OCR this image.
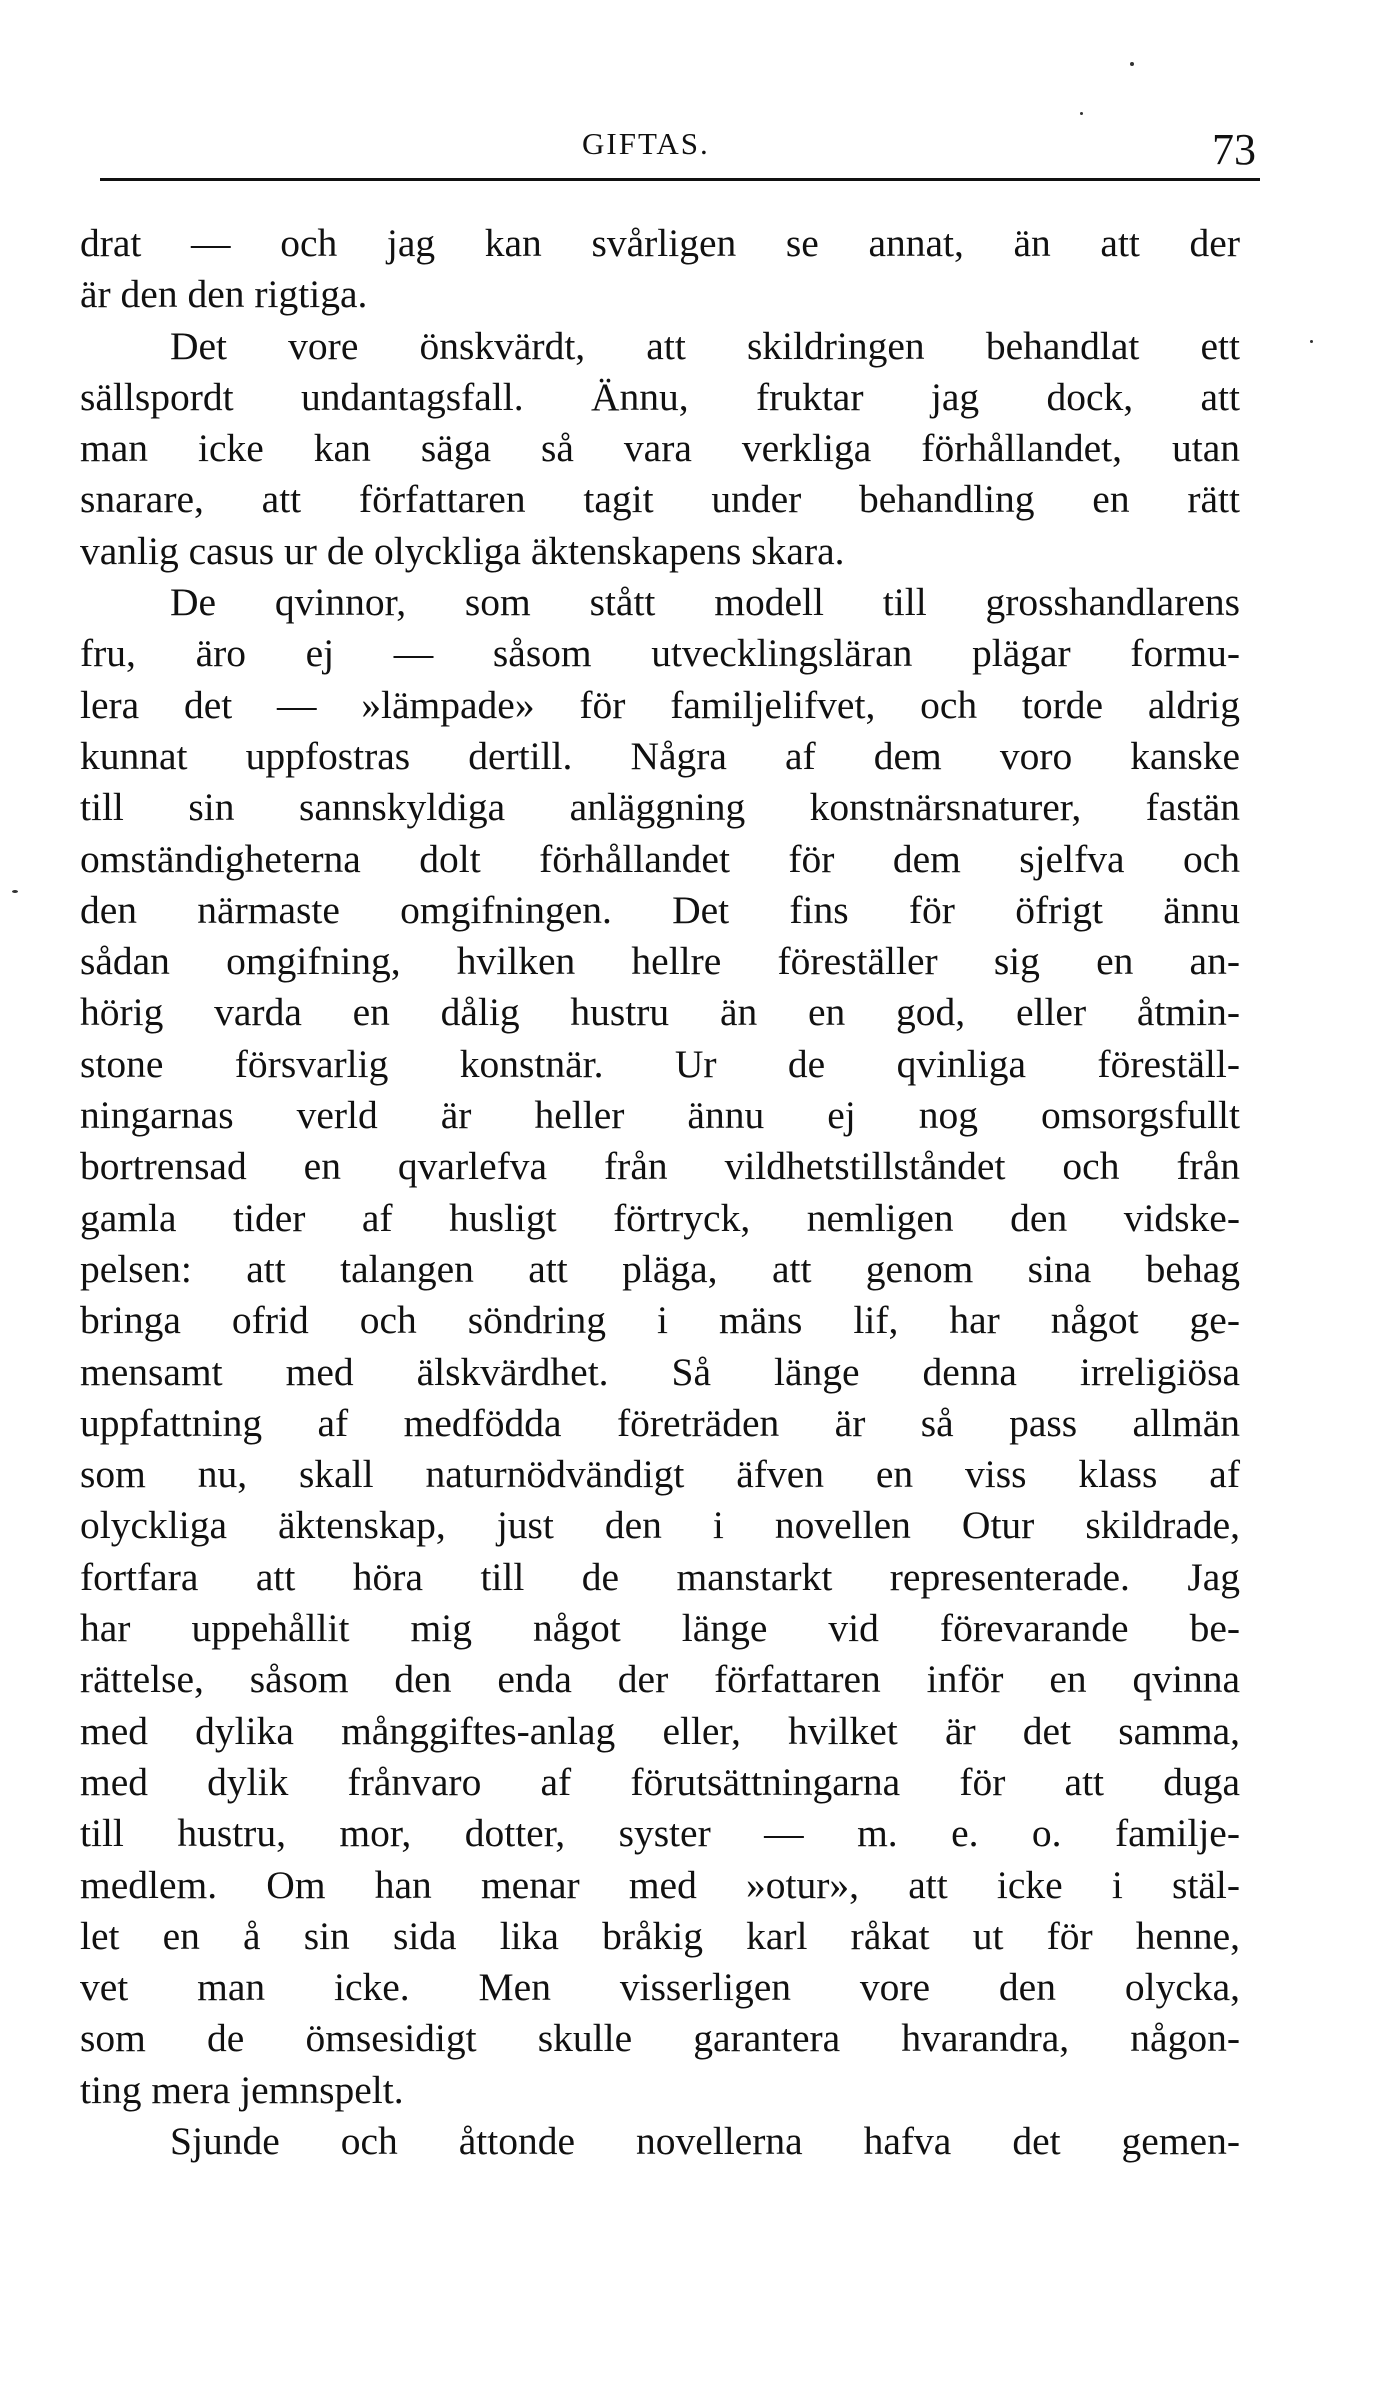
GIFTAS.	73
drat — och jag kan svårligen se annat, än att der
är den den rigtiga.
Det vore önskvärdt, att skildringen behandlat ett
sällspordt undantagsfall. Ännu, fruktar jag dock, att
man icke kan säga så vara verkliga förhållandet, utan
snarare, att författaren tagit under behandling en rätt
vanlig casus ur de olyckliga äktenskapens skara.
De qvinnor, som stått modell till grosshandlarens
fru, äro ej — såsom utvecklingsläran plägar formu-
lera det — »lämpade» för familjelifvet, och torde aldrig
kunnat uppfostras dertill. Några af dem voro kanske
till sin sannskyldiga anläggning konstnärsnaturer, fastän
omständigheterna dolt förhållandet för dem sjelfva och
den närmaste omgifningen. Det fins för öfrigt ännu
sådan omgifning, hvilken hellre föreställer sig en an-
hörig varda en dålig hustru än en god, eller åtmin-
stone försvarlig konstnär. Ur de qvinliga föreställ-
ningarnas verld är heller ännu ej nog omsorgsfullt
bortrensad en qvarlefva från vildhetstillståndet och från
gamla tider af husligt förtryck, nemligen den vidske-
pelsen: att talangen att pläga, att genom sina behag
bringa ofrid och söndring i mäns lif, har något ge-
mensamt med älskvärdhet. Så länge denna irreligiösa
uppfattning af medfödda företräden är så pass allmän
som nu, skall naturnödvändigt äfven en viss klass af
olyckliga äktenskap, just den i novellen Otur skildrade,
fortfara att höra till de manstarkt representerade. Jag
har uppehållit mig något länge vid förevarande be-
rättelse, såsom den enda der författaren inför en qvinna
med dylika månggiftes-anlag eller, hvilket är det samma,
med dylik frånvaro af förutsättningarna för att duga
till hustru, mor, dotter, syster — m. e. o. familje-
medlem. Om han menar med »otur», att icke i stäl-
let en å sin sida lika bråkig karl råkat ut för henne,
vet man icke. Men visserligen vore den olycka,
som de ömsesidigt skulle garantera hvarandra, någon-
ting mera jemnspelt.
Sjunde och åttonde novellerna hafva det gemen-
